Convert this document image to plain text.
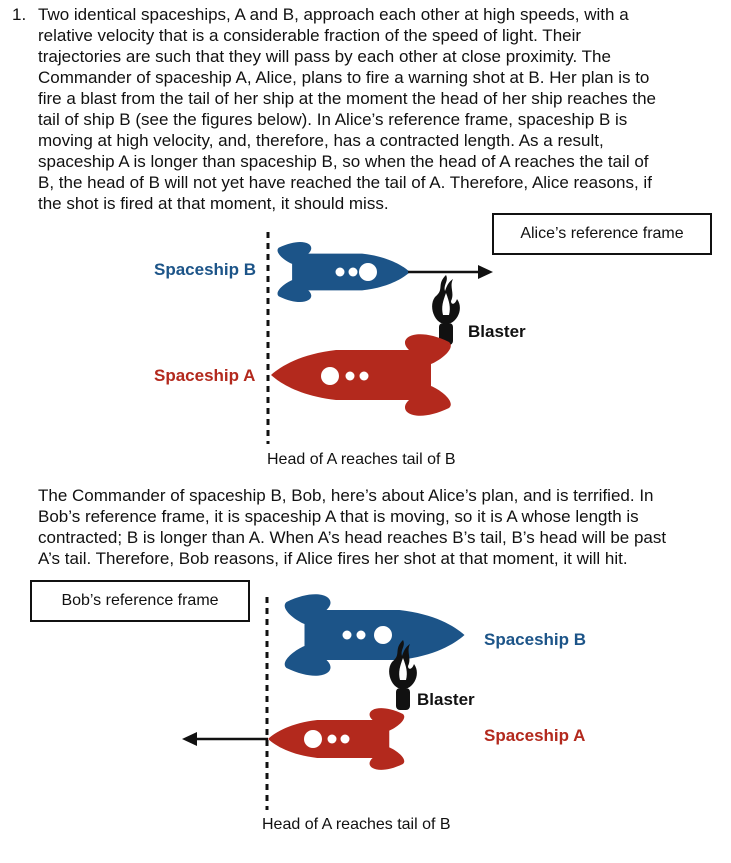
1. Two identical spaceships, A and B, approach each other at high speeds, with a
relative velocity that is a considerable fraction of the speed of light. Their
trajectories are such that they will pass by each other at close proximity. The
Commander of spaceship A, Alice, plans to fire a warning shot at B. Her plan is to
fire a blast from the tail of her ship at the moment the head of her ship reaches the
tail of ship B (see the figures below). In Alice’s reference frame, spaceship B is
moving at high velocity, and, therefore, has a contracted length. As a result,
spaceship A is longer than spaceship B, so when the head of A reaches the tail of
B, the head of B will not yet have reached the tail of A. Therefore, Alice reasons, if
the shot is fired at that moment, it should miss.
Alice’s reference frame
Spaceship B
Spaceship A
Blaster
Head of A reaches tail of B
The Commander of spaceship B, Bob, here’s about Alice’s plan, and is terrified. In
Bob’s reference frame, it is spaceship A that is moving, so it is A whose length is
contracted; B is longer than A. When A’s head reaches B’s tail, B’s head will be past
A’s tail. Therefore, Bob reasons, if Alice fires her shot at that moment, it will hit.
Bob’s reference frame
Spaceship B
Blaster
Spaceship A
Head of A reaches tail of B
